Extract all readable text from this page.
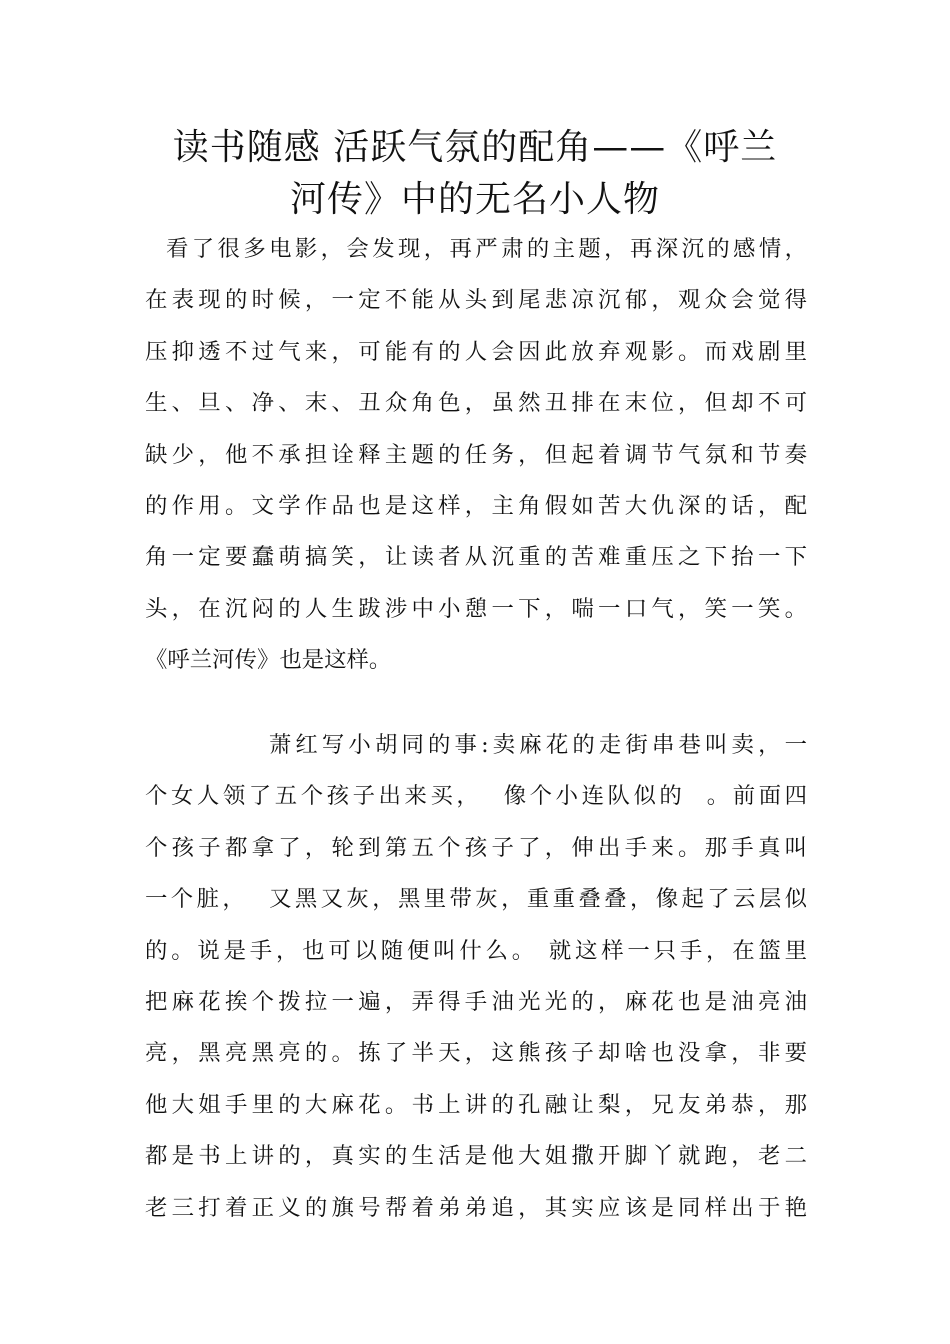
读书随感 活跃气氛的配角——《呼兰
河传》中的无名小人物

看了很多电影，会发现，再严肃的主题，再深沉的感情，
在表现的时候，一定不能从头到尾悲凉沉郁，观众会觉得
压抑透不过气来，可能有的人会因此放弃观影。而戏剧里
生、旦、净、末、丑众角色，虽然丑排在末位，但却不可
缺少，他不承担诠释主题的任务，但起着调节气氛和节奏
的作用。文学作品也是这样，主角假如苦大仇深的话，配
角一定要蠢萌搞笑，让读者从沉重的苦难重压之下抬一下
头，在沉闷的人生跋涉中小憩一下，喘一口气，笑一笑。
《呼兰河传》也是这样。

萧红写小胡同的事:卖麻花的走街串巷叫卖，一
个女人领了五个孩子出来买，  像个小连队似的  。前面四
个孩子都拿了，轮到第五个孩子了，伸出手来。那手真叫
一个脏，  又黑又灰，黑里带灰，重重叠叠，像起了云层似
的。说是手，也可以随便叫什么。 就这样一只手，在篮里
把麻花挨个拨拉一遍，弄得手油光光的，麻花也是油亮油
亮，黑亮黑亮的。拣了半天，这熊孩子却啥也没拿，非要
他大姐手里的大麻花。书上讲的孔融让梨，兄友弟恭，那
都是书上讲的，真实的生活是他大姐撒开脚丫就跑，老二
老三打着正义的旗号帮着弟弟追，其实应该是同样出于艳
